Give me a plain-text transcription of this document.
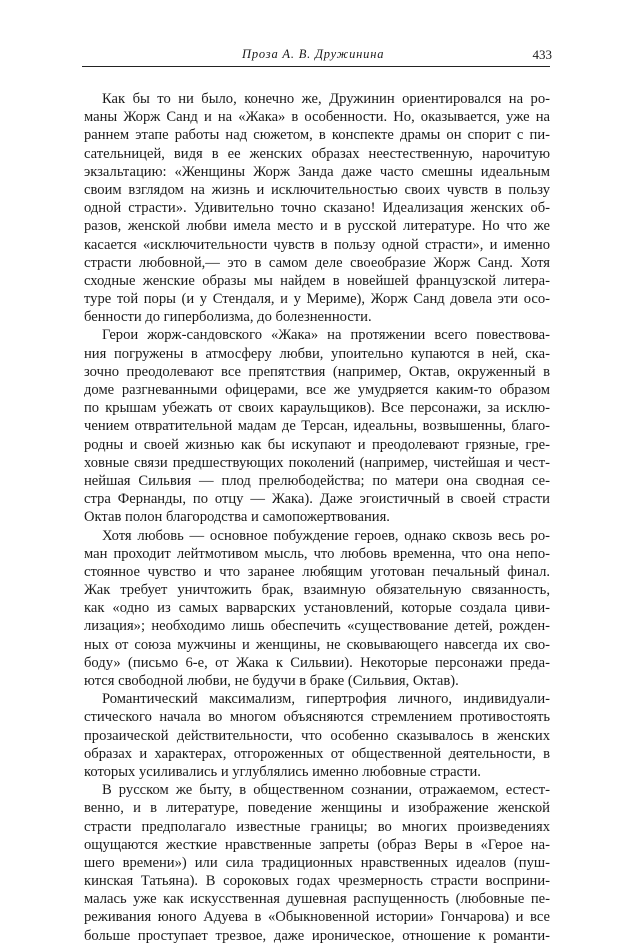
Проза А. В. Дружинина	433
Как бы то ни было, конечно же, Дружинин ориентировался на ро-
маны Жорж Санд и на «Жака» в особенности. Но, оказывается, уже на
раннем этапе работы над сюжетом, в конспекте драмы он спорит с пи-
сательницей, видя в ее женских образах неестественную, нарочитую
экзальтацию: «Женщины Жорж Занда даже часто смешны идеальным
своим взглядом на жизнь и исключительностью своих чувств в пользу
одной страсти». Удивительно точно сказано! Идеализация женских об-
разов, женской любви имела место и в русской литературе. Но что же
касается «исключительности чувств в пользу одной страсти», и именно
страсти любовной,— это в самом деле своеобразие Жорж Санд. Хотя
сходные женские образы мы найдем в новейшей французской литера-
туре той поры (и у Стендаля, и у Мериме), Жорж Санд довела эти осо-
бенности до гиперболизма, до болезненности.
Герои жорж-сандовского «Жака» на протяжении всего повествова-
ния погружены в атмосферу любви, упоительно купаются в ней, ска-
зочно преодолевают все препятствия (например, Октав, окруженный в
доме разгневанными офицерами, все же умудряется каким-то образом
по крышам убежать от своих караульщиков). Все персонажи, за исклю-
чением отвратительной мадам де Терсан, идеальны, возвышенны, благо-
родны и своей жизнью как бы искупают и преодолевают грязные, гре-
ховные связи предшествующих поколений (например, чистейшая и чест-
нейшая Сильвия — плод прелюбодейства; по матери она сводная се-
стра Фернанды, по отцу — Жака). Даже эгоистичный в своей страсти
Октав полон благородства и самопожертвования.
Хотя любовь — основное побуждение героев, однако сквозь весь ро-
ман проходит лейтмотивом мысль, что любовь временна, что она непо-
стоянное чувство и что заранее любящим уготован печальный финал.
Жак требует уничтожить брак, взаимную обязательную связанность,
как «одно из самых варварских установлений, которые создала циви-
лизация»; необходимо лишь обеспечить «существование детей, рожден-
ных от союза мужчины и женщины, не сковывающего навсегда их сво-
боду» (письмо 6-е, от Жака к Сильвии). Некоторые персонажи преда-
ются свободной любви, не будучи в браке (Сильвия, Октав).
Романтический максимализм, гипертрофия личного, индивидуали-
стического начала во многом объясняются стремлением противостоять
прозаической действительности, что особенно сказывалось в женских
образах и характерах, отгороженных от общественной деятельности, в
которых усиливались и углублялись именно любовные страсти.
В русском же быту, в общественном сознании, отражаемом, естест-
венно, и в литературе, поведение женщины и изображение женской
страсти предполагало известные границы; во многих произведениях
ощущаются жесткие нравственные запреты (образ Веры в «Герое на-
шего времени») или сила традиционных нравственных идеалов (пуш-
кинская Татьяна). В сороковых годах чрезмерность страсти восприни-
малась уже как искусственная душевная распущенность (любовные пе-
реживания юного Адуева в «Обыкновенной истории» Гончарова) и все
больше проступает трезвое, даже ироническое, отношение к романти-
